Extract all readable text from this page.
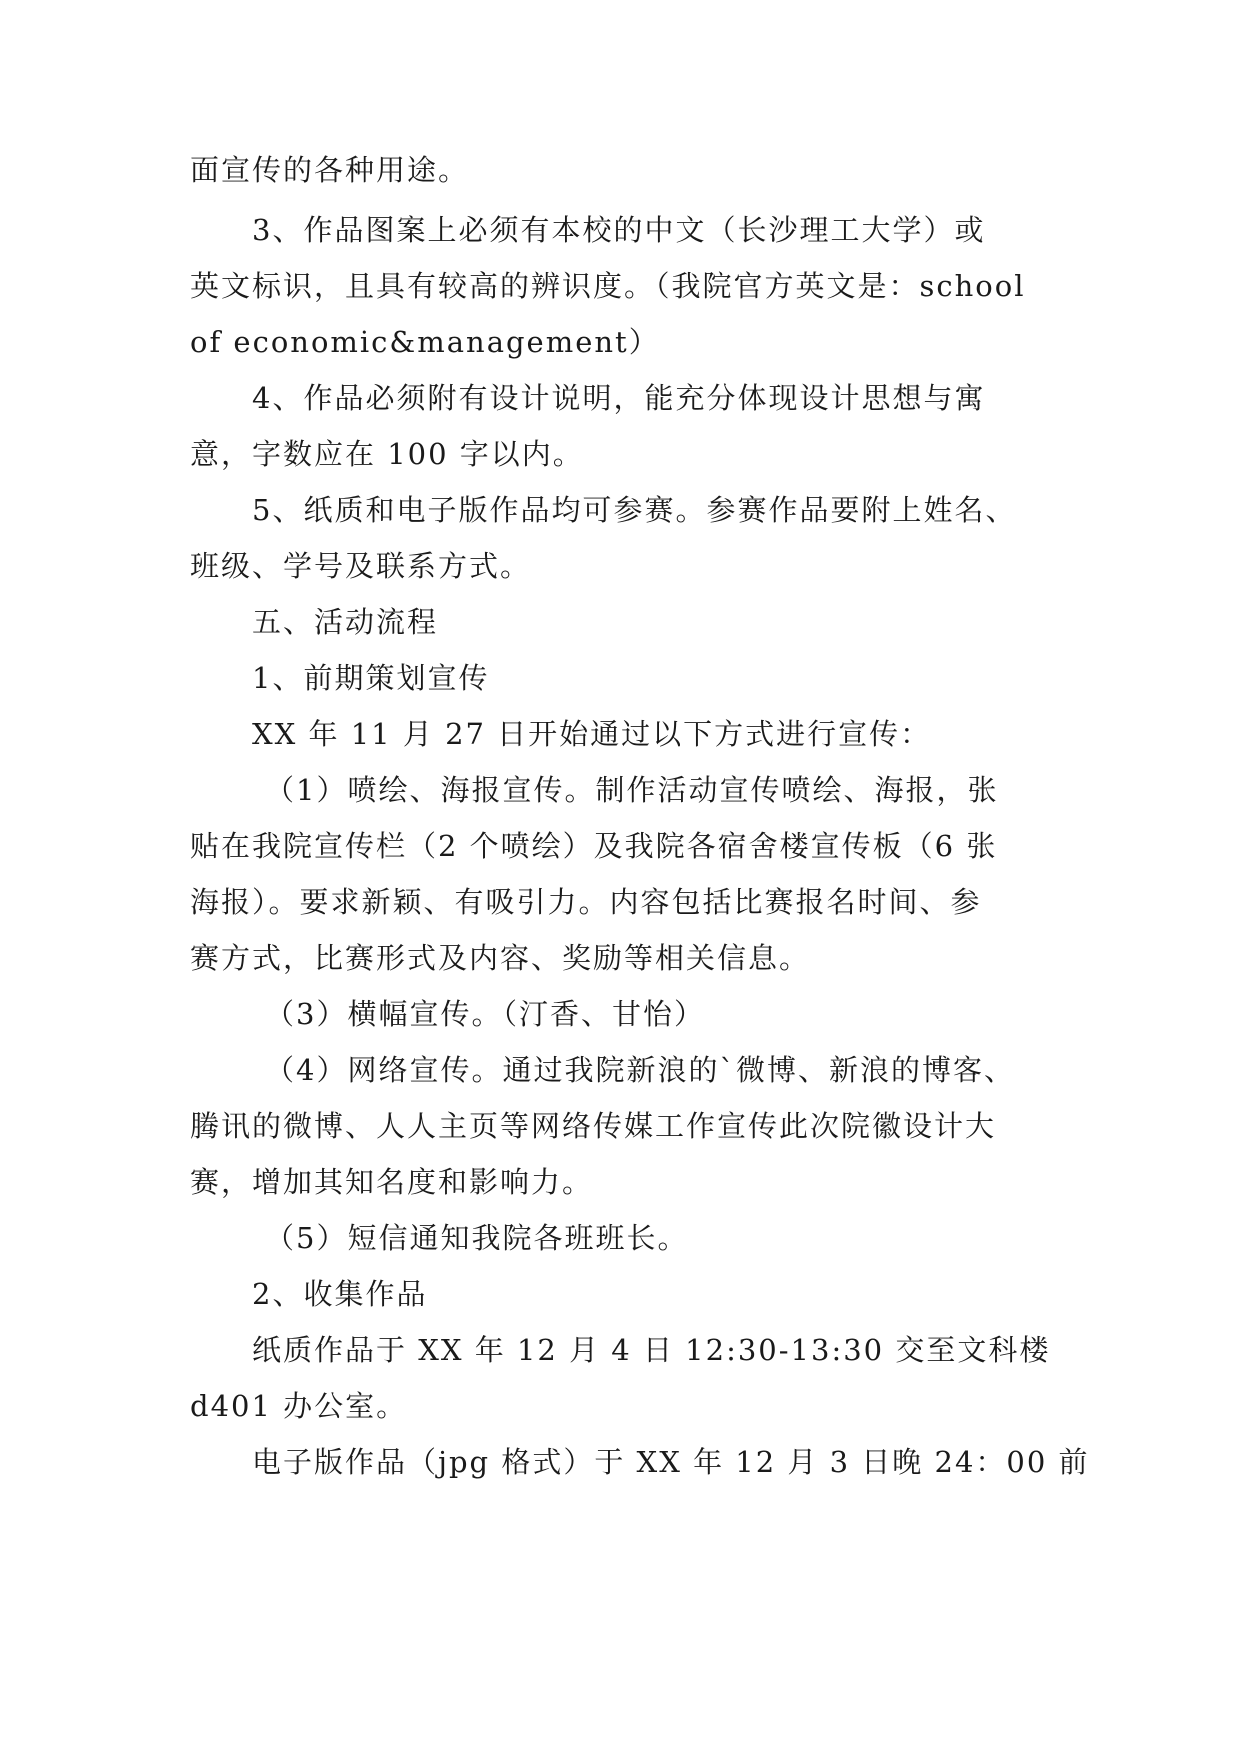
面宣传的各种用途。
3、作品图案上必须有本校的中文（长沙理工大学）或
英文标识，且具有较高的辨识度。（我院官方英文是：school
of economic&management）
4、作品必须附有设计说明，能充分体现设计思想与寓
意，字数应在 100 字以内。
5、纸质和电子版作品均可参赛。参赛作品要附上姓名、
班级、学号及联系方式。
五、活动流程
1、前期策划宣传
XX 年 11 月 27 日开始通过以下方式进行宣传：
（1）喷绘、海报宣传。制作活动宣传喷绘、海报，张
贴在我院宣传栏（2 个喷绘）及我院各宿舍楼宣传板（6 张
海报）。要求新颖、有吸引力。内容包括比赛报名时间、参
赛方式，比赛形式及内容、奖励等相关信息。
（3）横幅宣传。（汀香、甘怡）
（4）网络宣传。通过我院新浪的`微博、新浪的博客、
腾讯的微博、人人主页等网络传媒工作宣传此次院徽设计大
赛，增加其知名度和影响力。
（5）短信通知我院各班班长。
2、收集作品
纸质作品于 XX 年 12 月 4 日 12:30-13:30 交至文科楼
d401 办公室。
电子版作品（jpg 格式）于 XX 年 12 月 3 日晚 24：00 前
